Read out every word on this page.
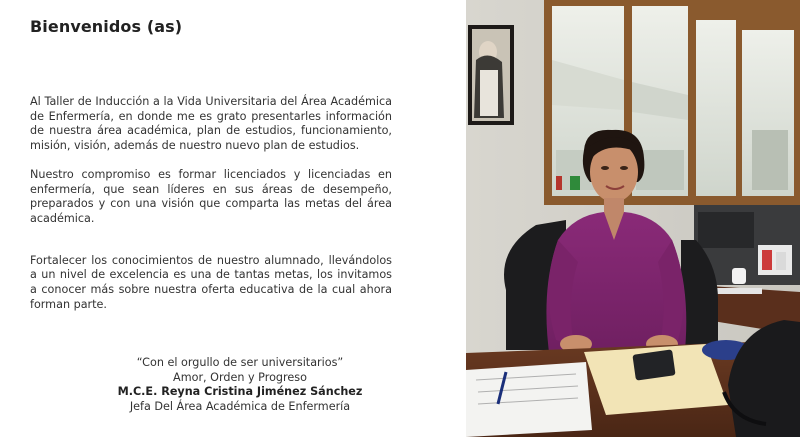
Bienvenidos (as)

Al Taller de Inducción a la Vida Universitaria del Área Académica de Enfermería, en donde me es grato presentarles información de nuestra área académica, plan de estudios, funcionamiento, misión, visión, además de nuestro nuevo plan de estudios.

Nuestro compromiso es formar licenciados y licenciadas en enfermería, que sean líderes en sus áreas de desempeño, preparados y con una visión que comparta las metas del área académica.

Fortalecer los conocimientos de nuestro alumnado, llevándolos a un nivel de excelencia es una de tantas metas, los invitamos a conocer más sobre nuestra oferta educativa de la cual ahora forman parte.

“Con el orgullo de ser universitarios”
Amor, Orden y Progreso
M.C.E. Reyna Cristina Jiménez Sánchez
Jefa Del Área Académica de Enfermería
